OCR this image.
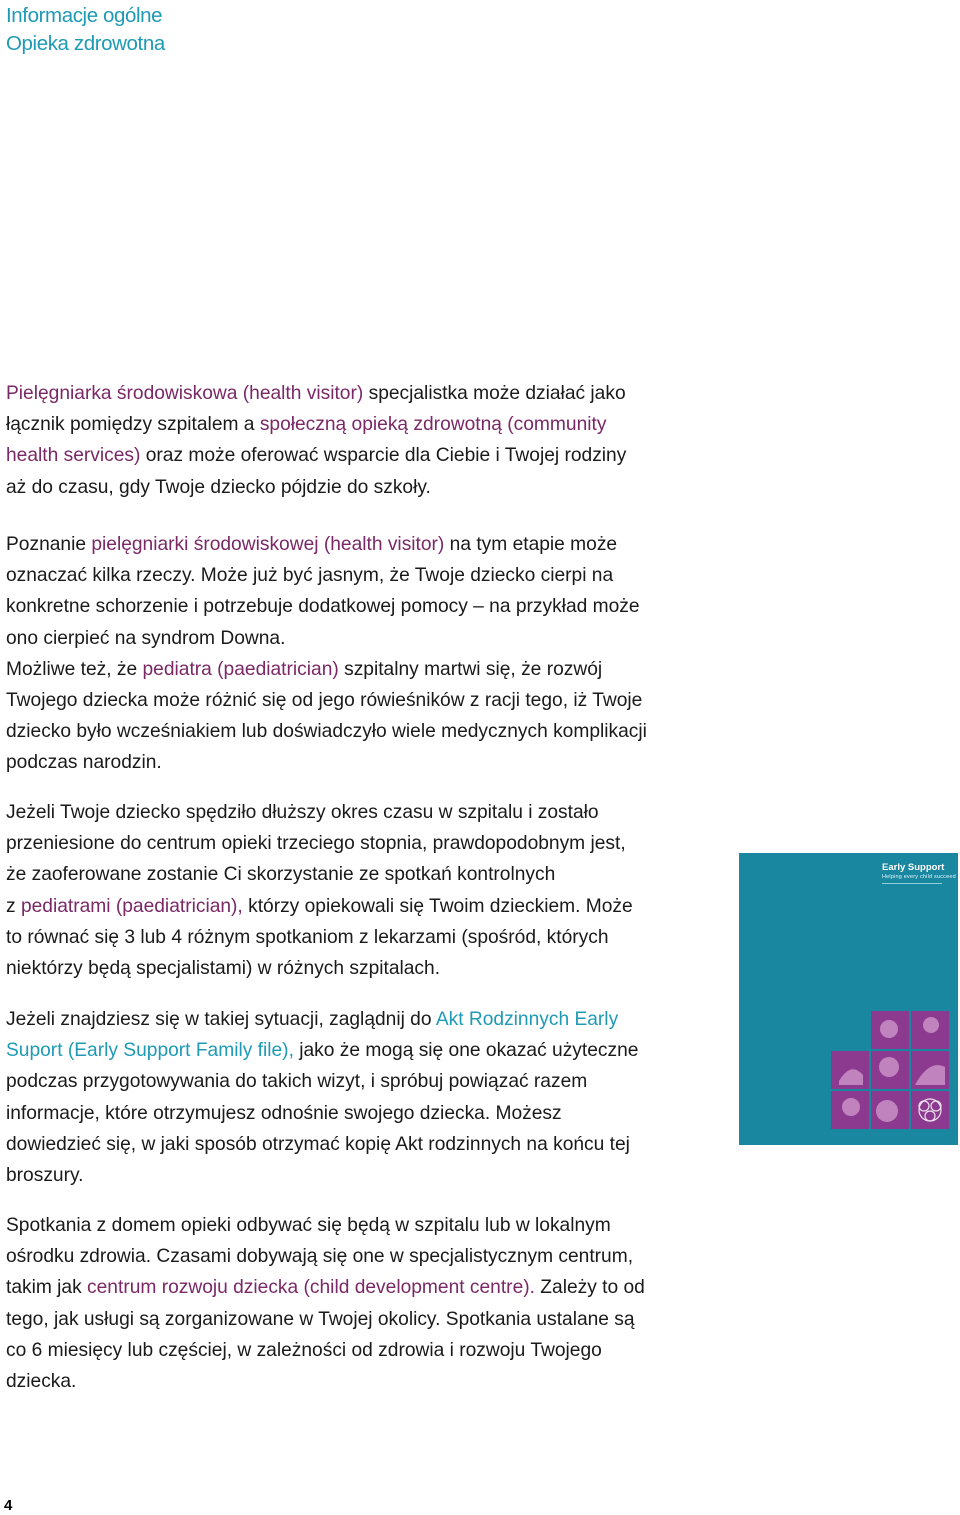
Informacje ogólne
Opieka zdrowotna

Pielęgniarka środowiskowa (health visitor) specjalistka może działać jako
łącznik pomiędzy szpitalem a społeczną opieką zdrowotną (community
health services) oraz może oferować wsparcie dla Ciebie i Twojej rodziny
aż do czasu, gdy Twoje dziecko pójdzie do szkoły.

Poznanie pielęgniarki środowiskowej (health visitor) na tym etapie może
oznaczać kilka rzeczy. Może już być jasnym, że Twoje dziecko cierpi na
konkretne schorzenie i potrzebuje dodatkowej pomocy – na przykład może
ono cierpieć na syndrom Downa.
Możliwe też, że pediatra (paediatrician) szpitalny martwi się, że rozwój
Twojego dziecka może różnić się od jego rówieśników z racji tego, iż Twoje
dziecko było wcześniakiem lub doświadczyło wiele medycznych komplikacji
podczas narodzin.

Jeżeli Twoje dziecko spędziło dłuższy okres czasu w szpitalu i zostało
przeniesione do centrum opieki trzeciego stopnia, prawdopodobnym jest,
że zaoferowane zostanie Ci skorzystanie ze spotkań kontrolnych
z pediatrami (paediatrician), którzy opiekowali się Twoim dzieckiem. Może
to równać się 3 lub 4 różnym spotkaniom z lekarzami (spośród, których
niektórzy będą specjalistami) w różnych szpitalach.

Jeżeli znajdziesz się w takiej sytuacji, zaglądnij do Akt Rodzinnych Early
Suport (Early Support Family file), jako że mogą się one okazać użyteczne
podczas przygotowywania do takich wizyt, i spróbuj powiązać razem
informacje, które otrzymujesz odnośnie swojego dziecka. Możesz
dowiedzieć się, w jaki sposób otrzymać kopię Akt rodzinnych na końcu tej
broszury.

Spotkania z domem opieki odbywać się będą w szpitalu lub w lokalnym
ośrodku zdrowia. Czasami dobywają się one w specjalistycznym centrum,
takim jak centrum rozwoju dziecka (child development centre). Zależy to od
tego, jak usługi są zorganizowane w Twojej okolicy. Spotkania ustalane są
co 6 miesięcy lub częściej, w zależności od zdrowia i rozwoju Twojego
dziecka.

Early Support
Helping every child succeed
4
